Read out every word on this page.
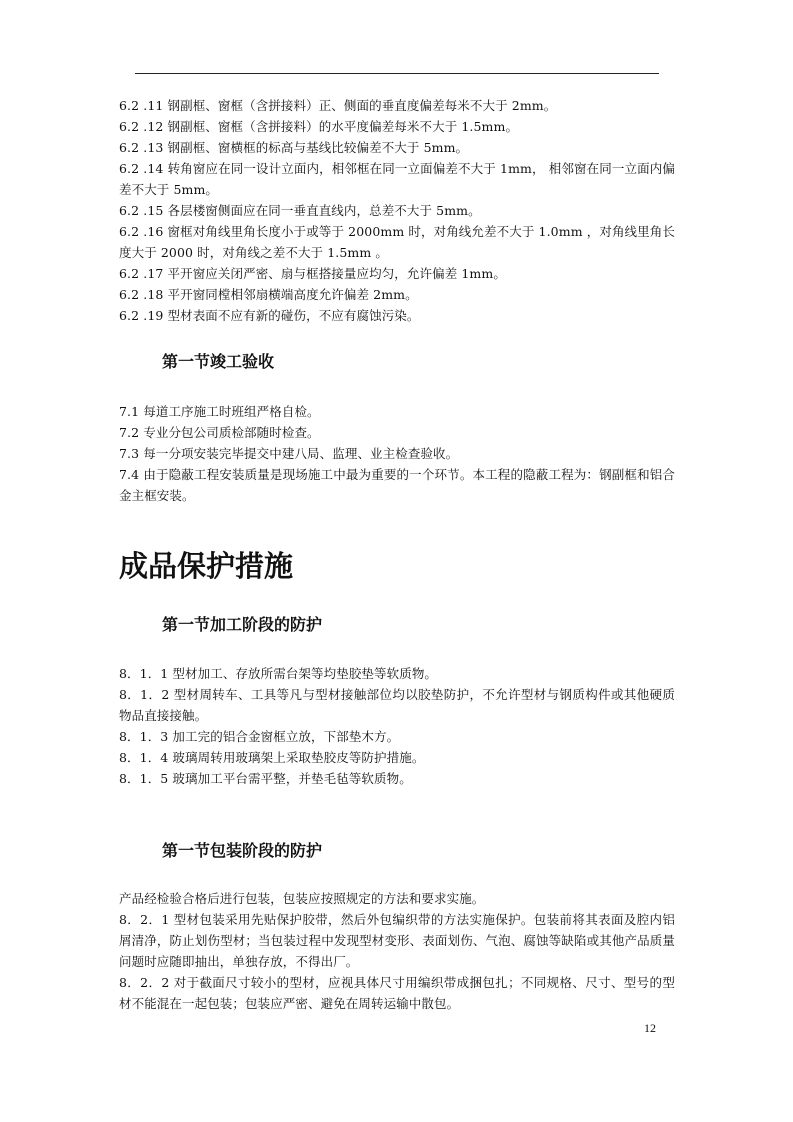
6.2 .11 钢副框、窗框（含拼接料）正、侧面的垂直度偏差每米不大于 2mm。

6.2 .12 钢副框、窗框（含拼接料）的水平度偏差每米不大于 1.5mm。

6.2 .13 钢副框、窗横框的标高与基线比较偏差不大于 5mm。

6.2 .14 转角窗应在同一设计立面内，相邻框在同一立面偏差不大于 1mm， 相邻窗在同一立面内偏差不大于 5mm。

6.2 .15 各层楼窗侧面应在同一垂直直线内，总差不大于 5mm。

6.2 .16 窗框对角线里角长度小于或等于 2000mm 时，对角线允差不大于 1.0mm ，对角线里角长度大于 2000 时，对角线之差不大于 1.5mm 。

6.2 .17 平开窗应关闭严密、扇与框搭接量应均匀，允许偏差 1mm。

6.2 .18 平开窗同樘相邻扇横端高度允许偏差 2mm。

6.2 .19 型材表面不应有新的碰伤，不应有腐蚀污染。

第一节竣工验收

7.1 每道工序施工时班组严格自检。

7.2 专业分包公司质检部随时检查。

7.3 每一分项安装完毕提交中建八局、监理、业主检查验收。

7.4 由于隐蔽工程安装质量是现场施工中最为重要的一个环节。本工程的隐蔽工程为：钢副框和铝合金主框安装。

成品保护措施
第一节加工阶段的防护

8．1．1 型材加工、存放所需台架等均垫胶垫等软质物。

8．1．2 型材周转车、工具等凡与型材接触部位均以胶垫防护，不允许型材与钢质构件或其他硬质物品直接接触。

8．1．3 加工完的铝合金窗框立放，下部垫木方。

8．1．4 玻璃周转用玻璃架上采取垫胶皮等防护措施。

8．1．5 玻璃加工平台需平整，并垫毛毡等软质物。

第一节包装阶段的防护

产品经检验合格后进行包装，包装应按照规定的方法和要求实施。

8．2．1 型材包装采用先贴保护胶带，然后外包编织带的方法实施保护。包装前将其表面及腔内铝屑清净，防止划伤型材；当包装过程中发现型材变形、表面划伤、气泡、腐蚀等缺陷或其他产品质量问题时应随即抽出，单独存放，不得出厂。

8．2．2 对于截面尺寸较小的型材，应视具体尺寸用编织带成捆包扎；不同规格、尺寸、型号的型材不能混在一起包装；包装应严密、避免在周转运输中散包。

12
